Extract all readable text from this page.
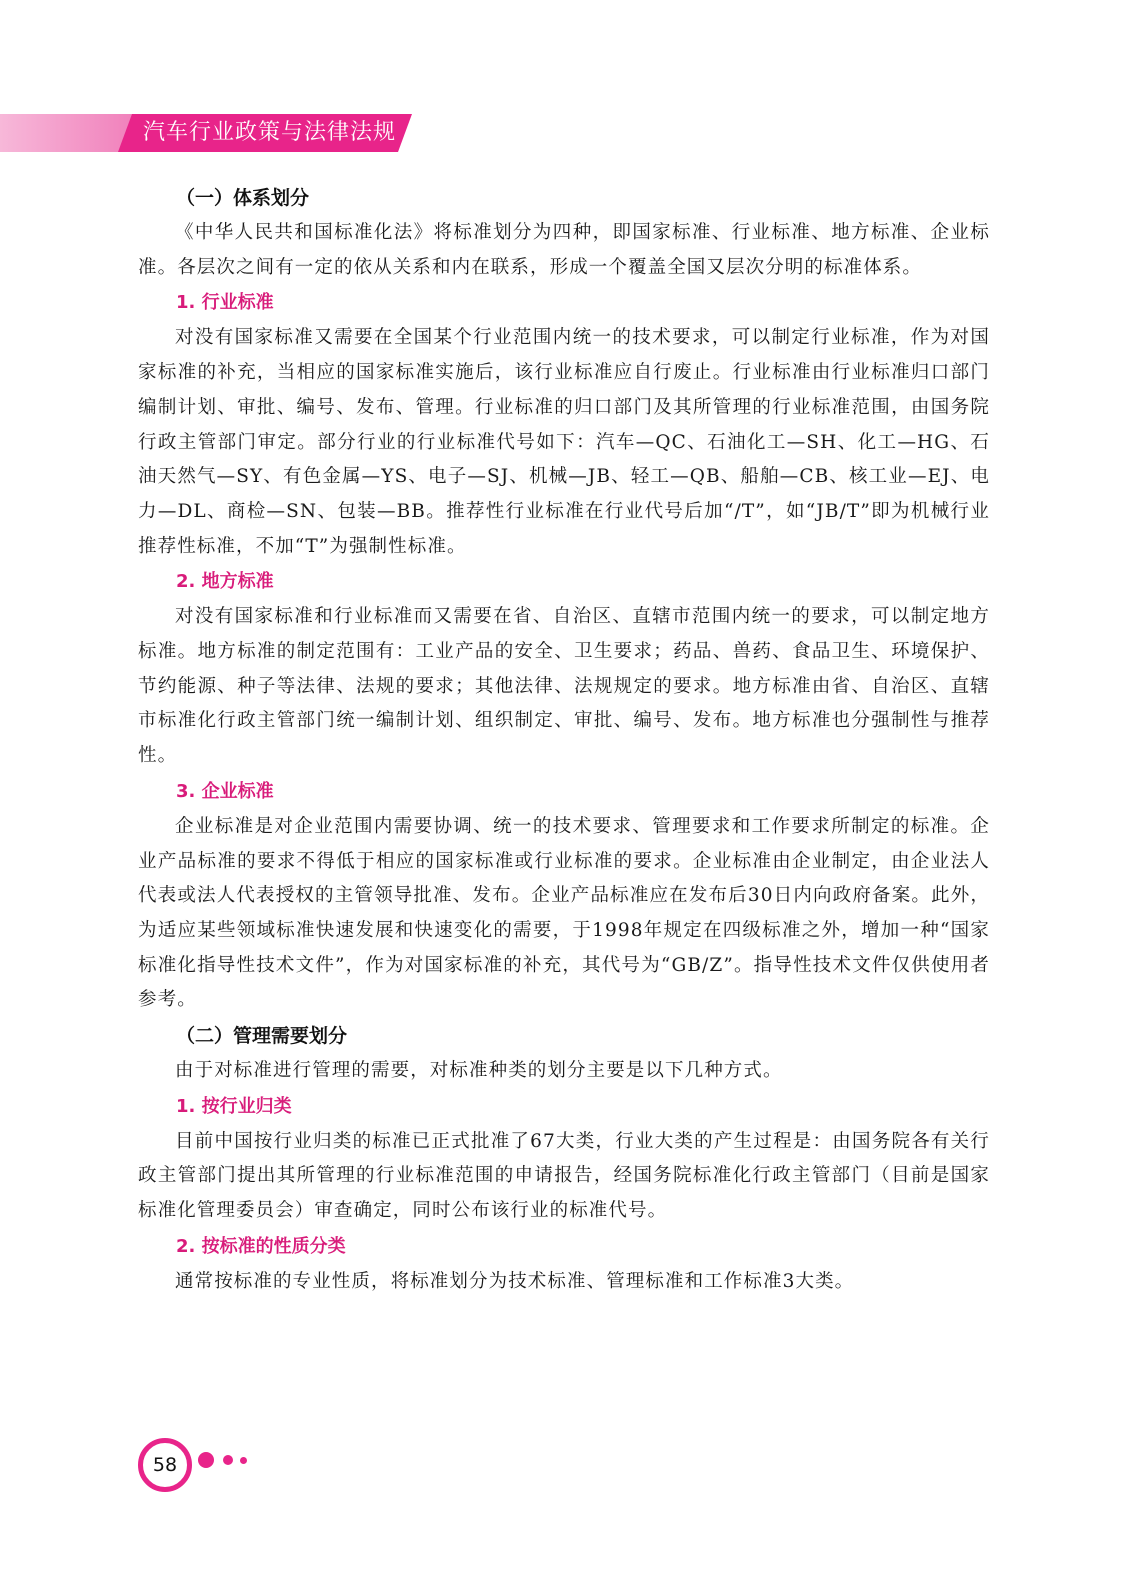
汽车行业政策与法律法规
（一）体系划分

《中华人民共和国标准化法》将标准划分为四种，即国家标准、行业标准、地方标准、企业标准。各层次之间有一定的依从关系和内在联系，形成一个覆盖全国又层次分明的标准体系。

1. 行业标准

对没有国家标准又需要在全国某个行业范围内统一的技术要求，可以制定行业标准，作为对国家标准的补充，当相应的国家标准实施后，该行业标准应自行废止。行业标准由行业标准归口部门编制计划、审批、编号、发布、管理。行业标准的归口部门及其所管理的行业标准范围，由国务院行政主管部门审定。部分行业的行业标准代号如下：汽车—QC、石油化工—SH、化工—HG、石油天然气—SY、有色金属—YS、电子—SJ、机械—JB、轻工—QB、船舶—CB、核工业—EJ、电力—DL、商检—SN、包装—BB。推荐性行业标准在行业代号后加“/T”，如“JB/T”即为机械行业推荐性标准，不加“T”为强制性标准。

2. 地方标准

对没有国家标准和行业标准而又需要在省、自治区、直辖市范围内统一的要求，可以制定地方标准。地方标准的制定范围有：工业产品的安全、卫生要求；药品、兽药、食品卫生、环境保护、节约能源、种子等法律、法规的要求；其他法律、法规规定的要求。地方标准由省、自治区、直辖市标准化行政主管部门统一编制计划、组织制定、审批、编号、发布。地方标准也分强制性与推荐性。

3. 企业标准

企业标准是对企业范围内需要协调、统一的技术要求、管理要求和工作要求所制定的标准。企业产品标准的要求不得低于相应的国家标准或行业标准的要求。企业标准由企业制定，由企业法人代表或法人代表授权的主管领导批准、发布。企业产品标准应在发布后30日内向政府备案。此外，为适应某些领域标准快速发展和快速变化的需要，于1998年规定在四级标准之外，增加一种“国家标准化指导性技术文件”，作为对国家标准的补充，其代号为“GB/Z”。指导性技术文件仅供使用者参考。

（二）管理需要划分

由于对标准进行管理的需要，对标准种类的划分主要是以下几种方式。

1. 按行业归类

目前中国按行业归类的标准已正式批准了67大类，行业大类的产生过程是：由国务院各有关行政主管部门提出其所管理的行业标准范围的申请报告，经国务院标准化行政主管部门（目前是国家标准化管理委员会）审查确定，同时公布该行业的标准代号。

2. 按标准的性质分类

通常按标准的专业性质，将标准划分为技术标准、管理标准和工作标准3大类。

58
